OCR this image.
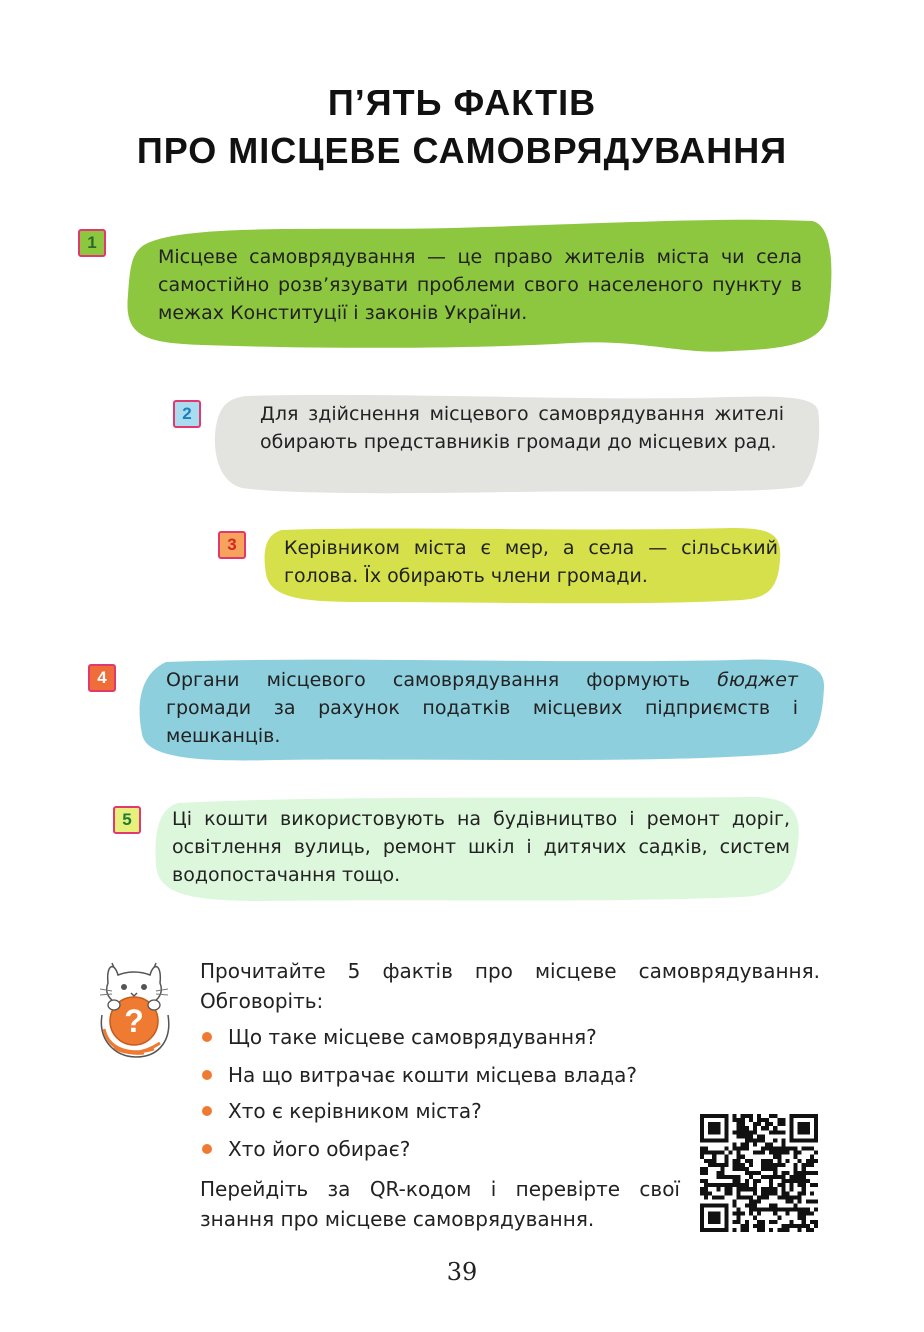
П’ЯТЬ ФАКТІВ
ПРО МІСЦЕВЕ САМОВРЯДУВАННЯ
1
Місцеве самоврядування — це право жителів міста чи села самостійно розв’язувати проблеми свого населеного пункту в межах Конституції і законів України.
2	Для здійснення місцевого самоврядування жителі обирають представників громади до місцевих рад.
3	Керівником міста є мер, а села — сільський голова. Їх обирають члени громади.
4	Органи місцевого самоврядування формують бюджет громади за рахунок податків місцевих підприємств і мешканців.
5	Ці кошти використовують на будівництво і ремонт доріг, освітлення вулиць, ремонт шкіл і дитячих садків, систем водопостачання тощо.
?
Прочитайте 5 фактів про місцеве самоврядування. Обговоріть:
Що таке місцеве самоврядування?
На що витрачає кошти місцева влада?
Хто є керівником міста?
Хто його обирає?
Перейдіть за QR-кодом і перевірте свої знання про місцеве самоврядування.
39
